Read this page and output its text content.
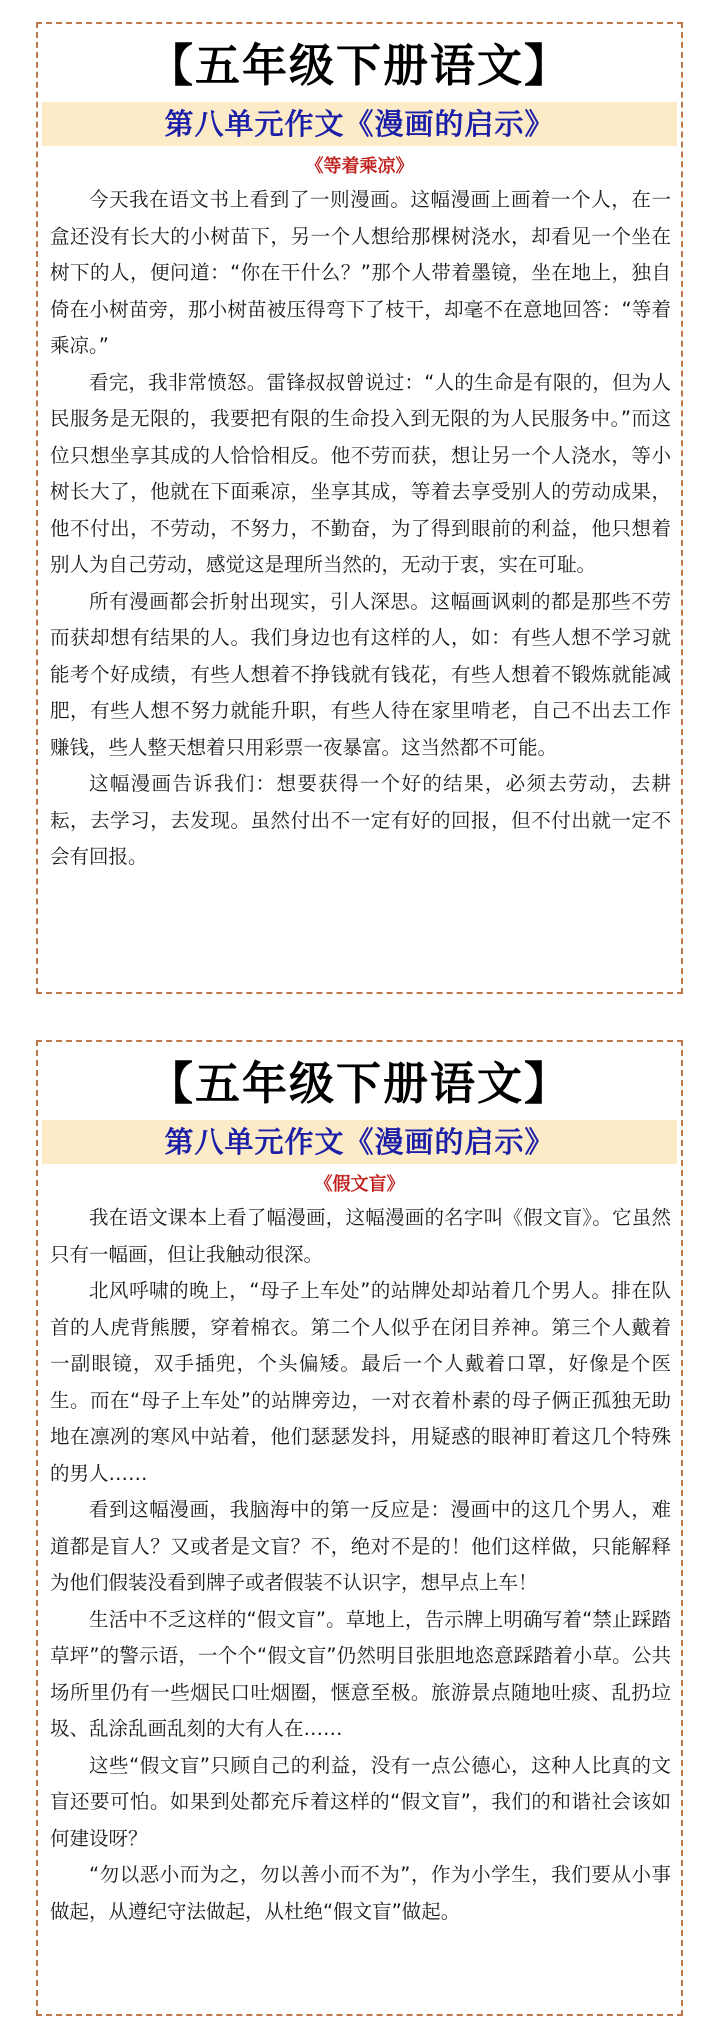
【五年级下册语文】
第八单元作文《漫画的启示》
《等着乘凉》

今天我在语文书上看到了一则漫画。这幅漫画上画着一个人，在一盒还没有长大的小树苗下，另一个人想给那棵树浇水，却看见一个坐在树下的人，便问道：“你在干什么？”那个人带着墨镜，坐在地上，独自倚在小树苗旁，那小树苗被压得弯下了枝干，却毫不在意地回答：“等着乘凉。”

看完，我非常愤怒。雷锋叔叔曾说过：“人的生命是有限的，但为人民服务是无限的，我要把有限的生命投入到无限的为人民服务中。”而这位只想坐享其成的人恰恰相反。他不劳而获，想让另一个人浇水，等小树长大了，他就在下面乘凉，坐享其成，等着去享受别人的劳动成果，他不付出，不劳动，不努力，不勤奋，为了得到眼前的利益，他只想着别人为自己劳动，感觉这是理所当然的，无动于衷，实在可耻。

所有漫画都会折射出现实，引人深思。这幅画讽刺的都是那些不劳而获却想有结果的人。我们身边也有这样的人，如：有些人想不学习就能考个好成绩，有些人想着不挣钱就有钱花，有些人想着不锻炼就能减肥，有些人想不努力就能升职，有些人待在家里啃老，自己不出去工作赚钱，些人整天想着只用彩票一夜暴富。这当然都不可能。

这幅漫画告诉我们：想要获得一个好的结果，必须去劳动，去耕耘，去学习，去发现。虽然付出不一定有好的回报，但不付出就一定不会有回报。

【五年级下册语文】
第八单元作文《漫画的启示》
《假文盲》

我在语文课本上看了幅漫画，这幅漫画的名字叫《假文盲》。它虽然只有一幅画，但让我触动很深。

北风呼啸的晚上，“母子上车处”的站牌处却站着几个男人。排在队首的人虎背熊腰，穿着棉衣。第二个人似乎在闭目养神。第三个人戴着一副眼镜，双手插兜，个头偏矮。最后一个人戴着口罩，好像是个医生。而在“母子上车处”的站牌旁边，一对衣着朴素的母子俩正孤独无助地在凛冽的寒风中站着，他们瑟瑟发抖，用疑惑的眼神盯着这几个特殊的男人……

看到这幅漫画，我脑海中的第一反应是：漫画中的这几个男人，难道都是盲人？又或者是文盲？不，绝对不是的！他们这样做，只能解释为他们假装没看到牌子或者假装不认识字，想早点上车！

生活中不乏这样的“假文盲”。草地上，告示牌上明确写着“禁止踩踏草坪”的警示语，一个个“假文盲”仍然明目张胆地恣意踩踏着小草。公共场所里仍有一些烟民口吐烟圈，惬意至极。旅游景点随地吐痰、乱扔垃圾、乱涂乱画乱刻的大有人在……

这些“假文盲”只顾自己的利益，没有一点公德心，这种人比真的文盲还要可怕。如果到处都充斥着这样的“假文盲”，我们的和谐社会该如何建设呀？

“勿以恶小而为之，勿以善小而不为”，作为小学生，我们要从小事做起，从遵纪守法做起，从杜绝“假文盲”做起。
